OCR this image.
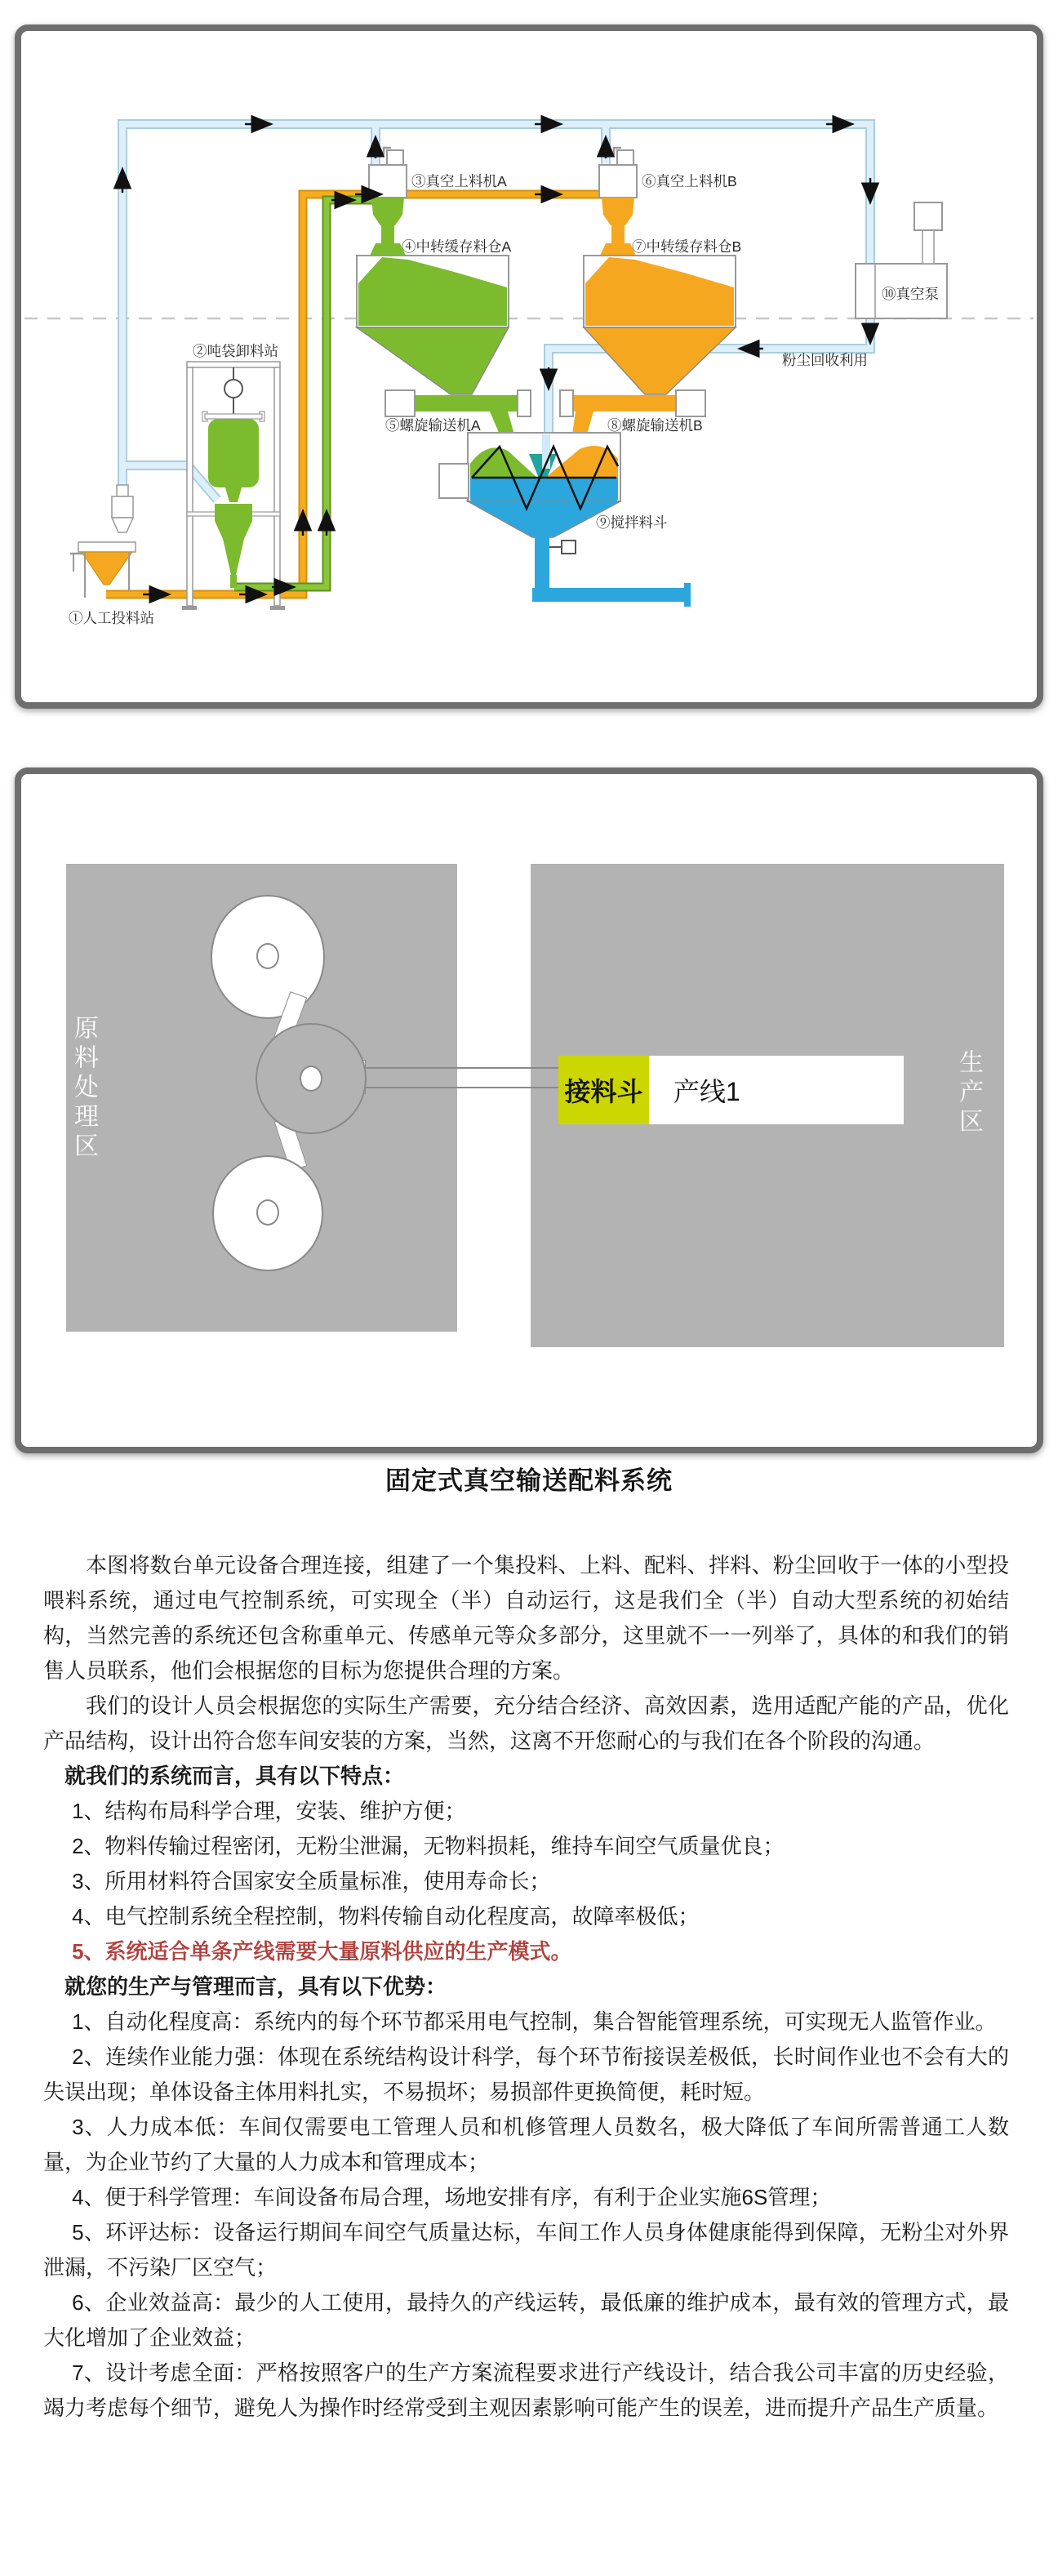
③真空上料机A	⑥真空上料机B
④中转缓存料仓A	⑦中转缓存料仓B
⑤螺旋输送机A	⑧螺旋输送机B
⑨搅拌料斗
⑩真空泵
粉尘回收利用
②吨袋卸料站
①人工投料站
接料斗	产线1
原料处理区	生产区
固定式真空输送配料系统

本图将数台单元设备合理连接，组建了一个集投料、上料、配料、拌料、粉尘回收于一体的小型投喂料系统，通过电气控制系统，可实现全（半）自动运行，这是我们全（半）自动大型系统的初始结构，当然完善的系统还包含称重单元、传感单元等众多部分，这里就不一一列举了，具体的和我们的销售人员联系，他们会根据您的目标为您提供合理的方案。

我们的设计人员会根据您的实际生产需要，充分结合经济、高效因素，选用适配产能的产品，优化产品结构，设计出符合您车间安装的方案，当然，这离不开您耐心的与我们在各个阶段的沟通。

就我们的系统而言，具有以下特点：

1、结构布局科学合理，安装、维护方便；

2、物料传输过程密闭，无粉尘泄漏，无物料损耗，维持车间空气质量优良；

3、所用材料符合国家安全质量标准，使用寿命长；

4、电气控制系统全程控制，物料传输自动化程度高，故障率极低；

5、系统适合单条产线需要大量原料供应的生产模式。

就您的生产与管理而言，具有以下优势：

1、自动化程度高：系统内的每个环节都采用电气控制，集合智能管理系统，可实现无人监管作业。

2、连续作业能力强：体现在系统结构设计科学，每个环节衔接误差极低，长时间作业也不会有大的失误出现；单体设备主体用料扎实，不易损坏；易损部件更换简便，耗时短。

3、人力成本低：车间仅需要电工管理人员和机修管理人员数名，极大降低了车间所需普通工人数量，为企业节约了大量的人力成本和管理成本；

4、便于科学管理：车间设备布局合理，场地安排有序，有利于企业实施6S管理；

5、环评达标：设备运行期间车间空气质量达标，车间工作人员身体健康能得到保障，无粉尘对外界泄漏，不污染厂区空气；

6、企业效益高：最少的人工使用，最持久的产线运转，最低廉的维护成本，最有效的管理方式，最大化增加了企业效益；

7、设计考虑全面：严格按照客户的生产方案流程要求进行产线设计，结合我公司丰富的历史经验，竭力考虑每个细节，避免人为操作时经常受到主观因素影响可能产生的误差，进而提升产品生产质量。
